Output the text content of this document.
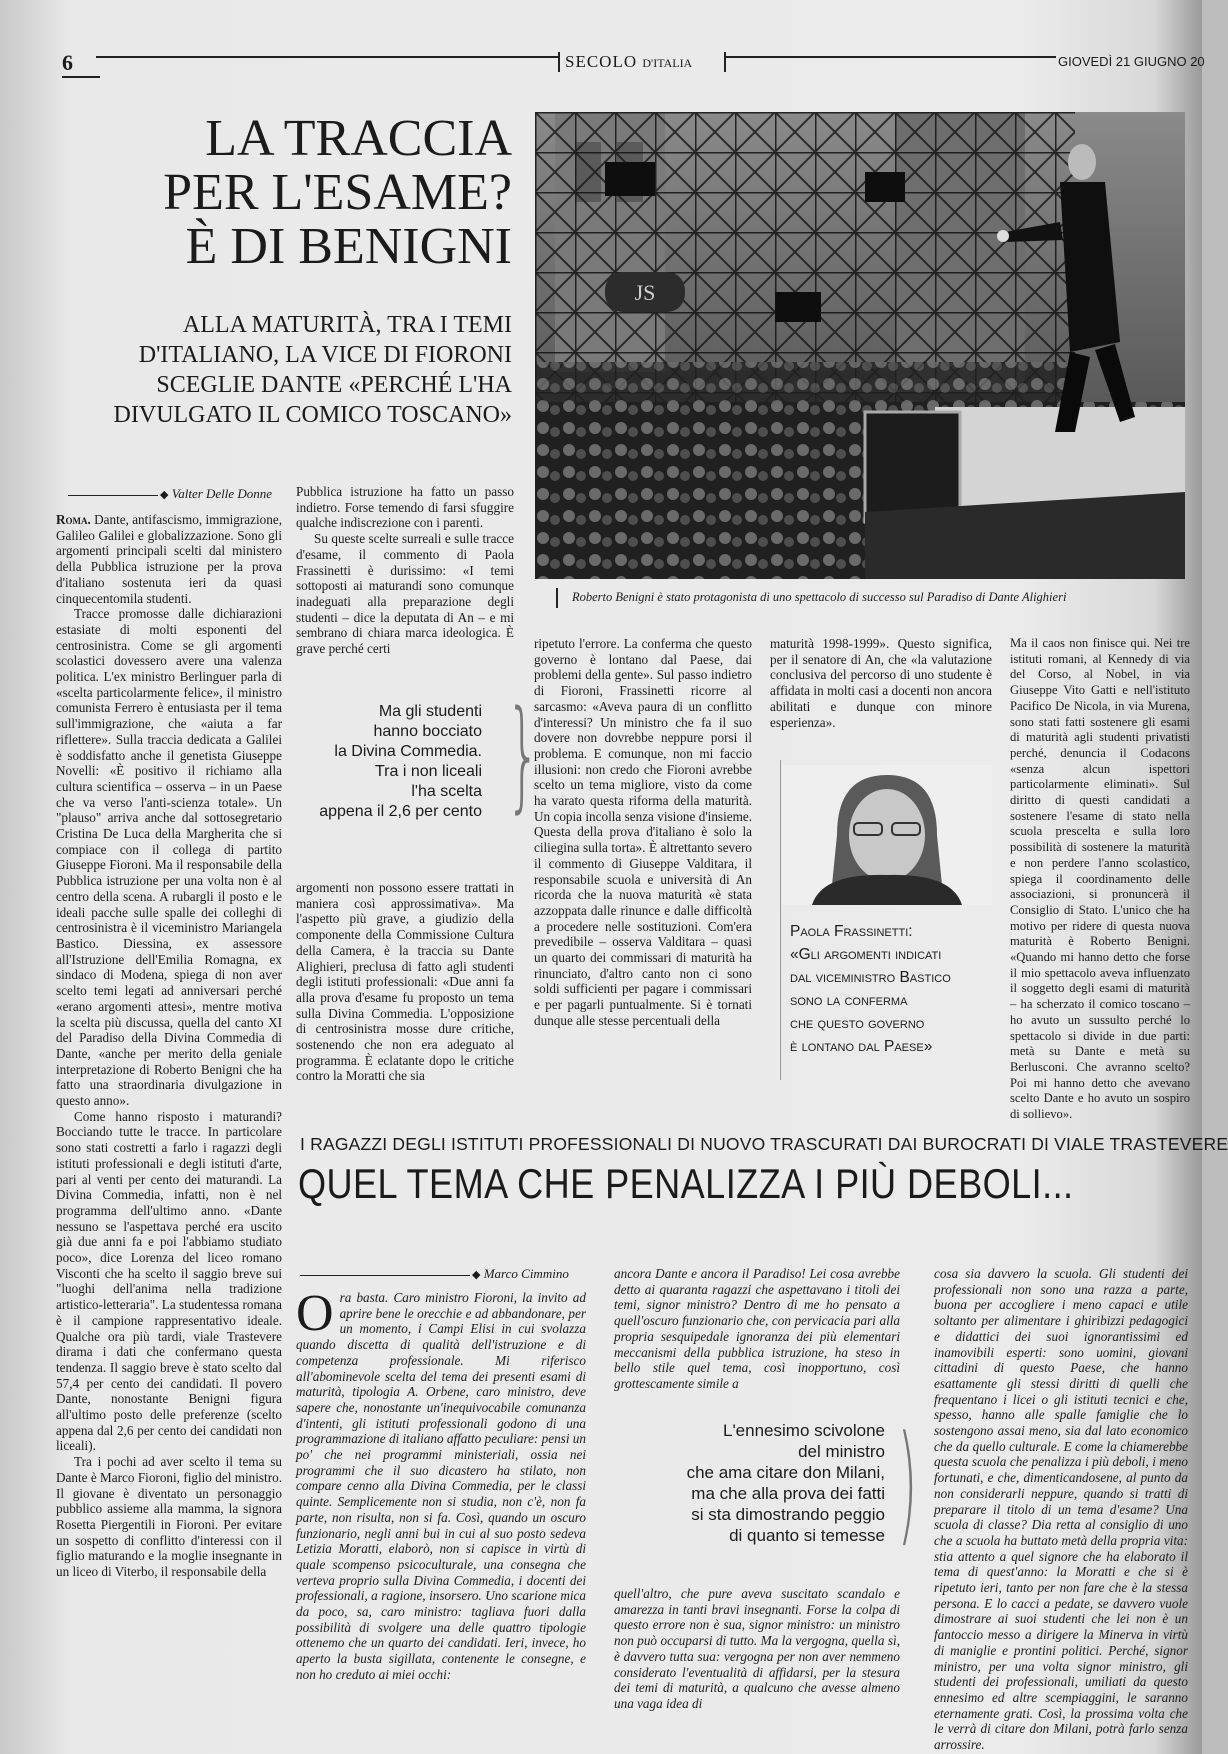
6	SECOLO D'ITALIA	GIOVEDÌ 21 GIUGNO 20
LA TRACCIA
PER L'ESAME?
È DI BENIGNI
ALLA MATURITÀ, TRA I TEMI
D'ITALIANO, LA VICE DI FIORONI
SCEGLIE DANTE «PERCHÉ L'HA
DIVULGATO IL COMICO TOSCANO»
JS
Roberto Benigni è stato protagonista di uno spettacolo di successo sul Paradiso di Dante Alighieri
◆ Valter Delle Donne

Roma. Dante, antifascismo, immigrazione, Galileo Galilei e globalizzazione. Sono gli argomenti principali scelti dal ministero della Pubblica istruzione per la prova d'italiano sostenuta ieri da quasi cinquecentomila studenti.

Tracce promosse dalle dichiarazioni estasiate di molti esponenti del centrosinistra. Come se gli argomenti scolastici dovessero avere una valenza politica. L'ex ministro Berlinguer parla di «scelta particolarmente felice», il ministro comunista Ferrero è entusiasta per il tema sull'immigrazione, che «aiuta a far riflettere». Sulla traccia dedicata a Galilei è soddisfatto anche il genetista Giuseppe Novelli: «È positivo il richiamo alla cultura scientifica – osserva – in un Paese che va verso l'anti-scienza totale». Un "plauso" arriva anche dal sottosegretario Cristina De Luca della Margherita che si compiace con il collega di partito Giuseppe Fioroni. Ma il responsabile della Pubblica istruzione per una volta non è al centro della scena. A rubargli il posto e le ideali pacche sulle spalle dei colleghi di centrosinistra è il viceministro Mariangela Bastico. Diessina, ex assessore all'Istruzione dell'Emilia Romagna, ex sindaco di Modena, spiega di non aver scelto temi legati ad anniversari perché «erano argomenti attesi», mentre motiva la scelta più discussa, quella del canto XI del Paradiso della Divina Commedia di Dante, «anche per merito della geniale interpretazione di Roberto Benigni che ha fatto una straordinaria divulgazione in questo anno».

Come hanno risposto i maturandi? Bocciando tutte le tracce. In particolare sono stati costretti a farlo i ragazzi degli istituti professionali e degli istituti d'arte, pari al venti per cento dei maturandi. La Divina Commedia, infatti, non è nel programma dell'ultimo anno. «Dante nessuno se l'aspettava perché era uscito già due anni fa e poi l'abbiamo studiato poco», dice Lorenza del liceo romano Visconti che ha scelto il saggio breve sui "luoghi dell'anima nella tradizione artistico-letteraria". La studentessa romana è il campione rappresentativo ideale. Qualche ora più tardi, viale Trastevere dirama i dati che confermano questa tendenza. Il saggio breve è stato scelto dal 57,4 per cento dei candidati. Il povero Dante, nonostante Benigni figura all'ultimo posto delle preferenze (scelto appena dal 2,6 per cento dei candidati non liceali).

Tra i pochi ad aver scelto il tema su Dante è Marco Fioroni, figlio del ministro. Il giovane è diventato un personaggio pubblico assieme alla mamma, la signora Rosetta Piergentili in Fioroni. Per evitare un sospetto di conflitto d'interessi con il figlio maturando e la moglie insegnante in un liceo di Viterbo, il responsabile della

Pubblica istruzione ha fatto un passo indietro. Forse temendo di farsi sfuggire qualche indiscrezione con i parenti.

Su queste scelte surreali e sulle tracce d'esame, il commento di Paola Frassinetti è durissimo: «I temi sottoposti ai maturandi sono comunque inadeguati alla preparazione degli studenti – dice la deputata di An – e mi sembrano di chiara marca ideologica. È grave perché certi

Ma gli studenti
hanno bocciato
la Divina Commedia.
Tra i non liceali
l'ha scelta
appena il 2,6 per cento }

argomenti non possono essere trattati in maniera così approssimativa». Ma l'aspetto più grave, a giudizio della componente della Commissione Cultura della Camera, è la traccia su Dante Alighieri, preclusa di fatto agli studenti degli istituti professionali: «Due anni fa alla prova d'esame fu proposto un tema sulla Divina Commedia. L'opposizione di centrosinistra mosse dure critiche, sostenendo che non era adeguato al programma. È eclatante dopo le critiche contro la Moratti che sia

ripetuto l'errore. La conferma che questo governo è lontano dal Paese, dai problemi della gente». Sul passo indietro di Fioroni, Frassinetti ricorre al sarcasmo: «Aveva paura di un conflitto d'interessi? Un ministro che fa il suo dovere non dovrebbe neppure porsi il problema. E comunque, non mi faccio illusioni: non credo che Fioroni avrebbe scelto un tema migliore, visto da come ha varato questa riforma della maturità. Un copia incolla senza visione d'insieme. Questa della prova d'italiano è solo la ciliegina sulla torta». È altrettanto severo il commento di Giuseppe Valditara, il responsabile scuola e università di An ricorda che la nuova maturità «è stata azzoppata dalle rinunce e dalle difficoltà a procedere nelle sostituzioni. Com'era prevedibile – osserva Valditara – quasi un quarto dei commissari di maturità ha rinunciato, d'altro canto non ci sono soldi sufficienti per pagare i commissari e per pagarli puntualmente. Si è tornati dunque alle stesse percentuali della

maturità 1998-1999». Questo significa, per il senatore di An, che «la valutazione conclusiva del percorso di uno studente è affidata in molti casi a docenti non ancora abilitati e dunque con minore esperienza».

Paola Frassinetti:
«Gli argomenti indicati
dal viceministro Bastico
sono la conferma
che questo governo
è lontano dal Paese»

Ma il caos non finisce qui. Nei tre istituti romani, al Kennedy di via del Corso, al Nobel, in via Giuseppe Vito Gatti e nell'istituto Pacifico De Nicola, in via Murena, sono stati fatti sostenere gli esami di maturità agli studenti privatisti perché, denuncia il Codacons «senza alcun ispettori particolarmente eliminati». Sul diritto di questi candidati a sostenere l'esame di stato nella scuola prescelta e sulla loro possibilità di sostenere la maturità e non perdere l'anno scolastico, spiega il coordinamento delle associazioni, si pronuncerà il Consiglio di Stato. L'unico che ha motivo per ridere di questa nuova maturità è Roberto Benigni. «Quando mi hanno detto che forse il mio spettacolo aveva influenzato il soggetto degli esami di maturità – ha scherzato il comico toscano – ho avuto un sussulto perché lo spettacolo si divide in due parti: metà su Dante e metà su Berlusconi. Che avranno scelto? Poi mi hanno detto che avevano scelto Dante e ho avuto un sospiro di sollievo».

I RAGAZZI DEGLI ISTITUTI PROFESSIONALI DI NUOVO TRASCURATI DAI BUROCRATI DI VIALE TRASTEVERE
QUEL TEMA CHE PENALIZZA I PIÙ DEBOLI...
◆ Marco Cimmino

Ora basta. Caro ministro Fioroni, la invito ad aprire bene le orecchie e ad abbandonare, per un momento, i Campi Elisi in cui svolazza quando discetta di qualità dell'istruzione e di competenza professionale. Mi riferisco all'abominevole scelta del tema dei presenti esami di maturità, tipologia A. Orbene, caro ministro, deve sapere che, nonostante un'inequivocabile comunanza d'intenti, gli istituti professionali godono di una programmazione di italiano affatto peculiare: pensi un po' che nei programmi ministeriali, ossia nei programmi che il suo dicastero ha stilato, non compare cenno alla Divina Commedia, per le classi quinte. Semplicemente non si studia, non c'è, non fa parte, non risulta, non si fa. Così, quando un oscuro funzionario, negli anni bui in cui al suo posto sedeva Letizia Moratti, elaborò, non si capisce in virtù di quale scompenso psicoculturale, una consegna che verteva proprio sulla Divina Commedia, i docenti dei professionali, a ragione, insorsero. Uno scarione mica da poco, sa, caro ministro: tagliava fuori dalla possibilità di svolgere una delle quattro tipologie ottenemo che un quarto dei candidati. Ieri, invece, ho aperto la busta sigillata, contenente le consegne, e non ho creduto ai miei occhi:

ancora Dante e ancora il Paradiso! Lei cosa avrebbe detto ai quaranta ragazzi che aspettavano i titoli dei temi, signor ministro? Dentro di me ho pensato a quell'oscuro funzionario che, con pervicacia pari alla propria sesquipedale ignoranza dei più elementari meccanismi della pubblica istruzione, ha steso in bello stile quel tema, così inopportuno, così grottescamente simile a

L'ennesimo scivolone
del ministro
che ama citare don Milani,
ma che alla prova dei fatti
si sta dimostrando peggio
di quanto si temesse )

quell'altro, che pure aveva suscitato scandalo e amarezza in tanti bravi insegnanti. Forse la colpa di questo errore non è sua, signor ministro: un ministro non può occuparsi di tutto. Ma la vergogna, quella sì, è davvero tutta sua: vergogna per non aver nemmeno considerato l'eventualità di affidarsi, per la stesura dei temi di maturità, a qualcuno che avesse almeno una vaga idea di

cosa sia davvero la scuola. Gli studenti dei professionali non sono una razza a parte, buona per accogliere i meno capaci e utile soltanto per alimentare i ghiribizzi pedagogici e didattici dei suoi ignorantissimi ed inamovibili esperti: sono uomini, giovani cittadini di questo Paese, che hanno esattamente gli stessi diritti di quelli che frequentano i licei o gli istituti tecnici e che, spesso, hanno alle spalle famiglie che lo sostengono assai meno, sia dal lato economico che da quello culturale. E come la chiamerebbe questa scuola che penalizza i più deboli, i meno fortunati, e che, dimenticandosene, al punto da non considerarli neppure, quando si tratti di preparare il titolo di un tema d'esame? Una scuola di classe? Dia retta al consiglio di uno che a scuola ha buttato metà della propria vita: stia attento a quel signore che ha elaborato il tema di quest'anno: la Moratti e che si è ripetuto ieri, tanto per non fare che è la stessa persona. E lo cacci a pedate, se davvero vuole dimostrare ai suoi studenti che lei non è un fantoccio messo a dirigere la Minerva in virtù di maniglie e prontini politici. Perché, signor ministro, per una volta signor ministro, gli studenti dei professionali, umiliati da questo ennesimo ed altre scempiaggini, le saranno eternamente grati. Così, la prossima volta che le verrà di citare don Milani, potrà farlo senza arrossire.
